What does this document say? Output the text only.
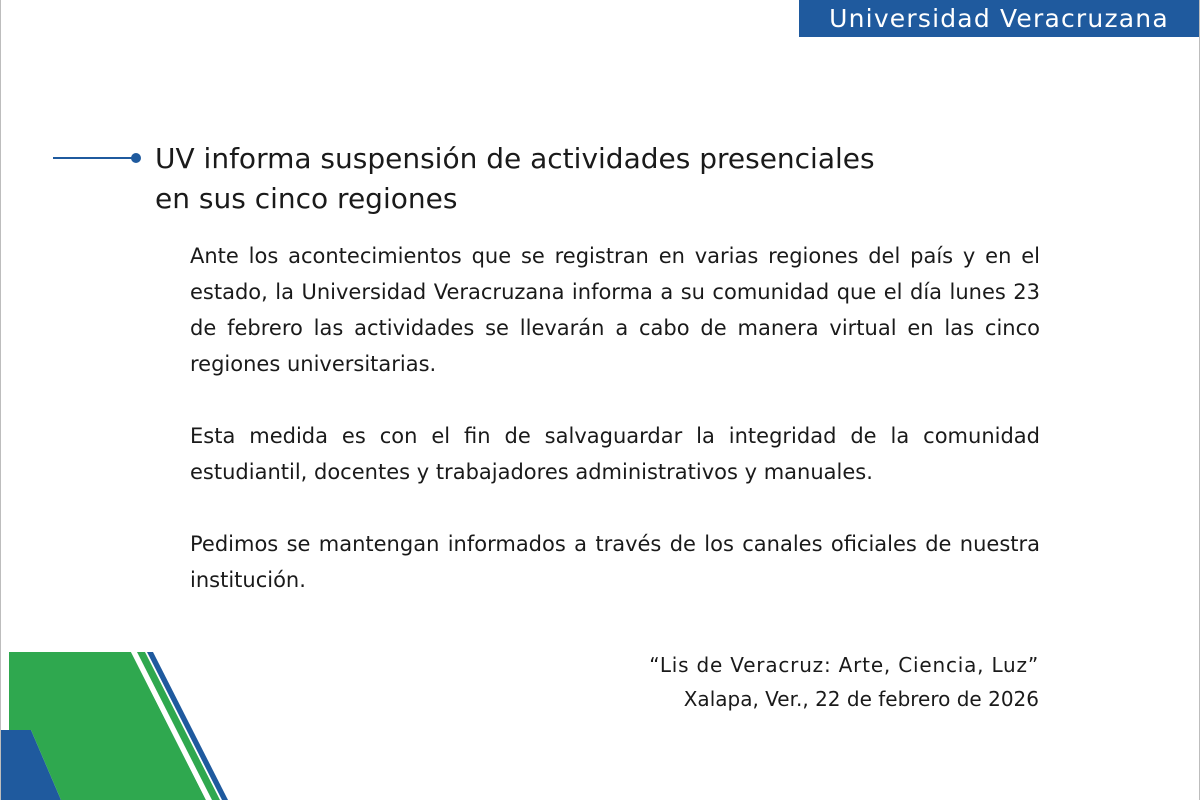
Universidad Veracruzana
UV informa suspensión de actividades presenciales
en sus cinco regiones

Ante los acontecimientos que se registran en varias regiones del país y en el estado, la Universidad Veracruzana informa a su comunidad que el día lunes 23 de febrero las actividades se llevarán a cabo de manera virtual en las cinco regiones universitarias.

Esta medida es con el fin de salvaguardar la integridad de la comunidad estudiantil, docentes y trabajadores administrativos y manuales.

Pedimos se mantengan informados a través de los canales oficiales de nuestra institución.

“Lis de Veracruz: Arte, Ciencia, Luz”
Xalapa, Ver., 22 de febrero de 2026
